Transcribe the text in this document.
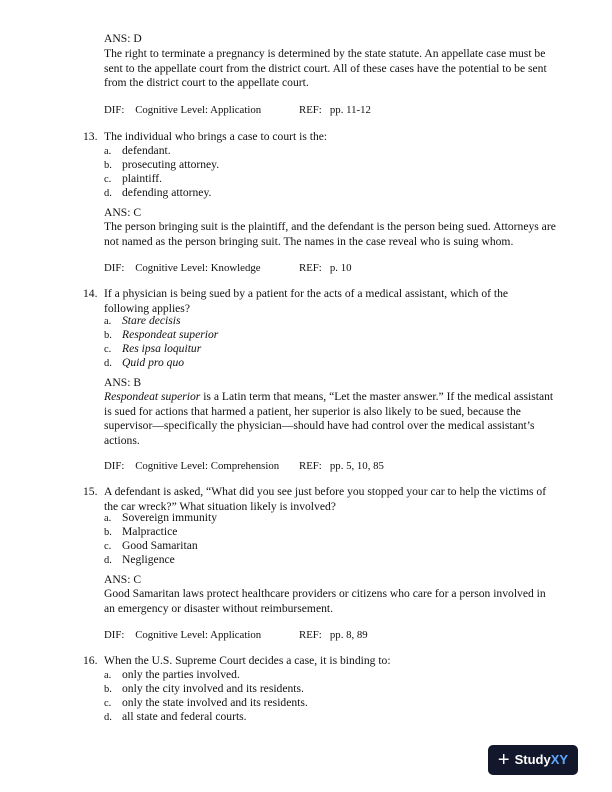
ANS: D
The right to terminate a pregnancy is determined by the state statute. An appellate case must be sent to the appellate court from the district court. All of these cases have the potential to be sent from the district court to the appellate court.
DIF:    Cognitive Level: Application	REF:   pp. 11-12
13. The individual who brings a case to court is the:
a. defendant.
b. prosecuting attorney.
c. plaintiff.
d. defending attorney.
ANS: C
The person bringing suit is the plaintiff, and the defendant is the person being sued. Attorneys are not named as the person bringing suit. The names in the case reveal who is suing whom.
DIF:    Cognitive Level: Knowledge	REF:   p. 10
14. If a physician is being sued by a patient for the acts of a medical assistant, which of the following applies?
a. Stare decisis
b. Respondeat superior
c. Res ipsa loquitur
d. Quid pro quo
ANS: B
Respondeat superior is a Latin term that means, “Let the master answer.” If the medical assistant is sued for actions that harmed a patient, her superior is also likely to be sued, because the supervisor—specifically the physician—should have had control over the medical assistant’s actions.
DIF:    Cognitive Level: Comprehension REF:   pp. 5, 10, 85
15. A defendant is asked, “What did you see just before you stopped your car to help the victims of the car wreck?” What situation likely is involved?
a. Sovereign immunity
b. Malpractice
c. Good Samaritan
d. Negligence
ANS: C
Good Samaritan laws protect healthcare providers or citizens who care for a person involved in an emergency or disaster without reimbursement.
DIF:    Cognitive Level: Application	REF:   pp. 8, 89
16. When the U.S. Supreme Court decides a case, it is binding to:
a. only the parties involved.
b. only the city involved and its residents.
c. only the state involved and its residents.
d. all state and federal courts.
+ StudyXY
